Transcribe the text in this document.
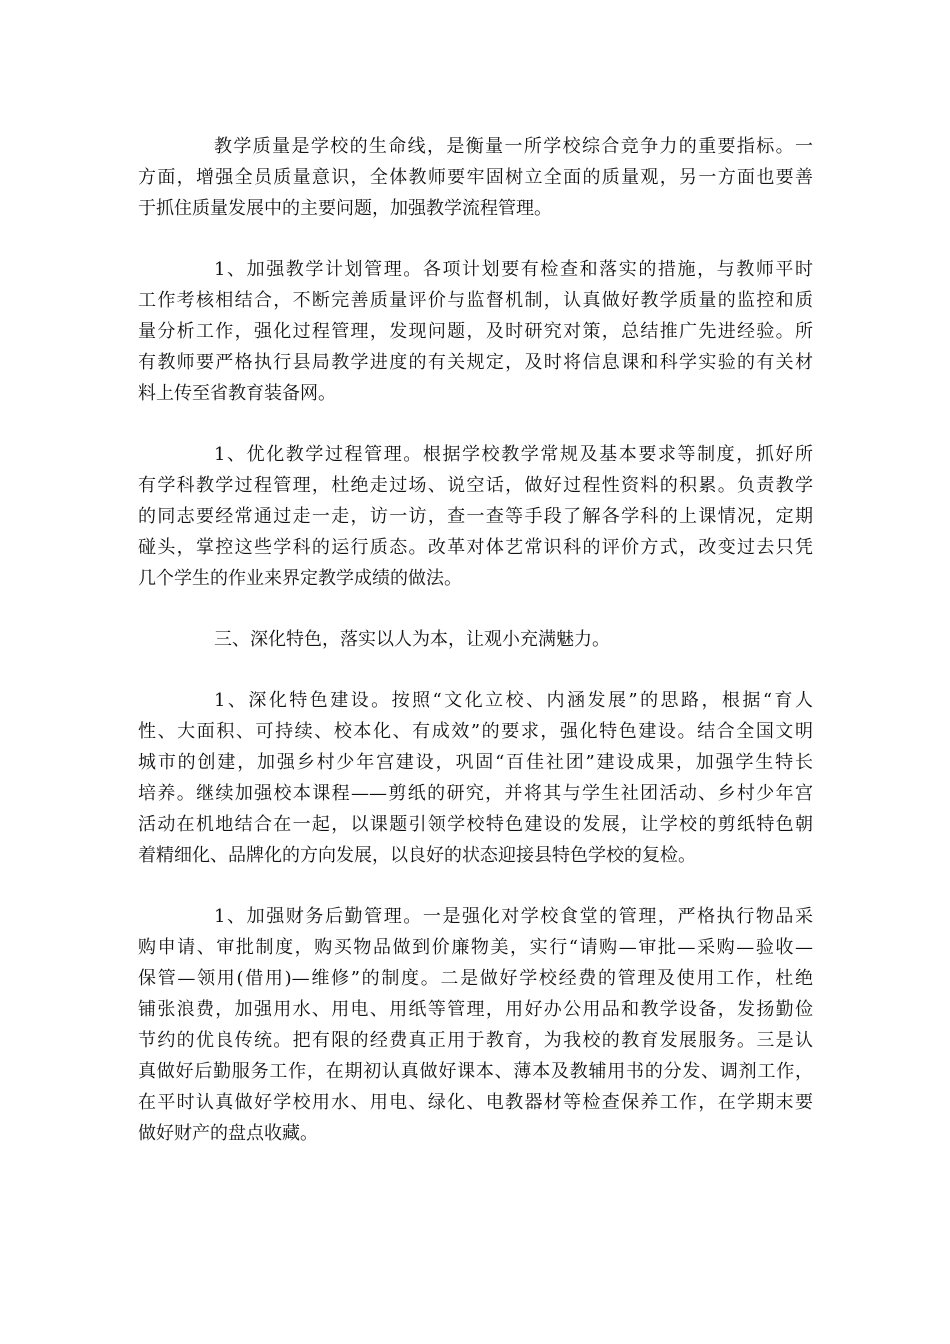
教学质量是学校的生命线，是衡量一所学校综合竞争力的重要指标。一
方面，增强全员质量意识，全体教师要牢固树立全面的质量观，另一方面也要善
于抓住质量发展中的主要问题，加强教学流程管理。
1、加强教学计划管理。各项计划要有检查和落实的措施，与教师平时
工作考核相结合，不断完善质量评价与监督机制，认真做好教学质量的监控和质
量分析工作，强化过程管理，发现问题，及时研究对策，总结推广先进经验。所
有教师要严格执行县局教学进度的有关规定，及时将信息课和科学实验的有关材
料上传至省教育装备网。
1、优化教学过程管理。根据学校教学常规及基本要求等制度，抓好所
有学科教学过程管理，杜绝走过场、说空话，做好过程性资料的积累。负责教学
的同志要经常通过走一走，访一访，查一查等手段了解各学科的上课情况，定期
碰头，掌控这些学科的运行质态。改革对体艺常识科的评价方式，改变过去只凭
几个学生的作业来界定教学成绩的做法。
三、深化特色，落实以人为本，让观小充满魅力。
1、深化特色建设。按照“文化立校、内涵发展”的思路，根据“育人
性、大面积、可持续、校本化、有成效”的要求，强化特色建设。结合全国文明
城市的创建，加强乡村少年宫建设，巩固“百佳社团”建设成果，加强学生特长
培养。继续加强校本课程——剪纸的研究，并将其与学生社团活动、乡村少年宫
活动在机地结合在一起，以课题引领学校特色建设的发展，让学校的剪纸特色朝
着精细化、品牌化的方向发展，以良好的状态迎接县特色学校的复检。
1、加强财务后勤管理。一是强化对学校食堂的管理，严格执行物品采
购申请、审批制度，购买物品做到价廉物美，实行“请购—审批—采购—验收—
保管—领用(借用)—维修”的制度。二是做好学校经费的管理及使用工作，杜绝
铺张浪费，加强用水、用电、用纸等管理，用好办公用品和教学设备，发扬勤俭
节约的优良传统。把有限的经费真正用于教育，为我校的教育发展服务。三是认
真做好后勤服务工作，在期初认真做好课本、薄本及教辅用书的分发、调剂工作，
在平时认真做好学校用水、用电、绿化、电教器材等检查保养工作，在学期末要
做好财产的盘点收藏。
